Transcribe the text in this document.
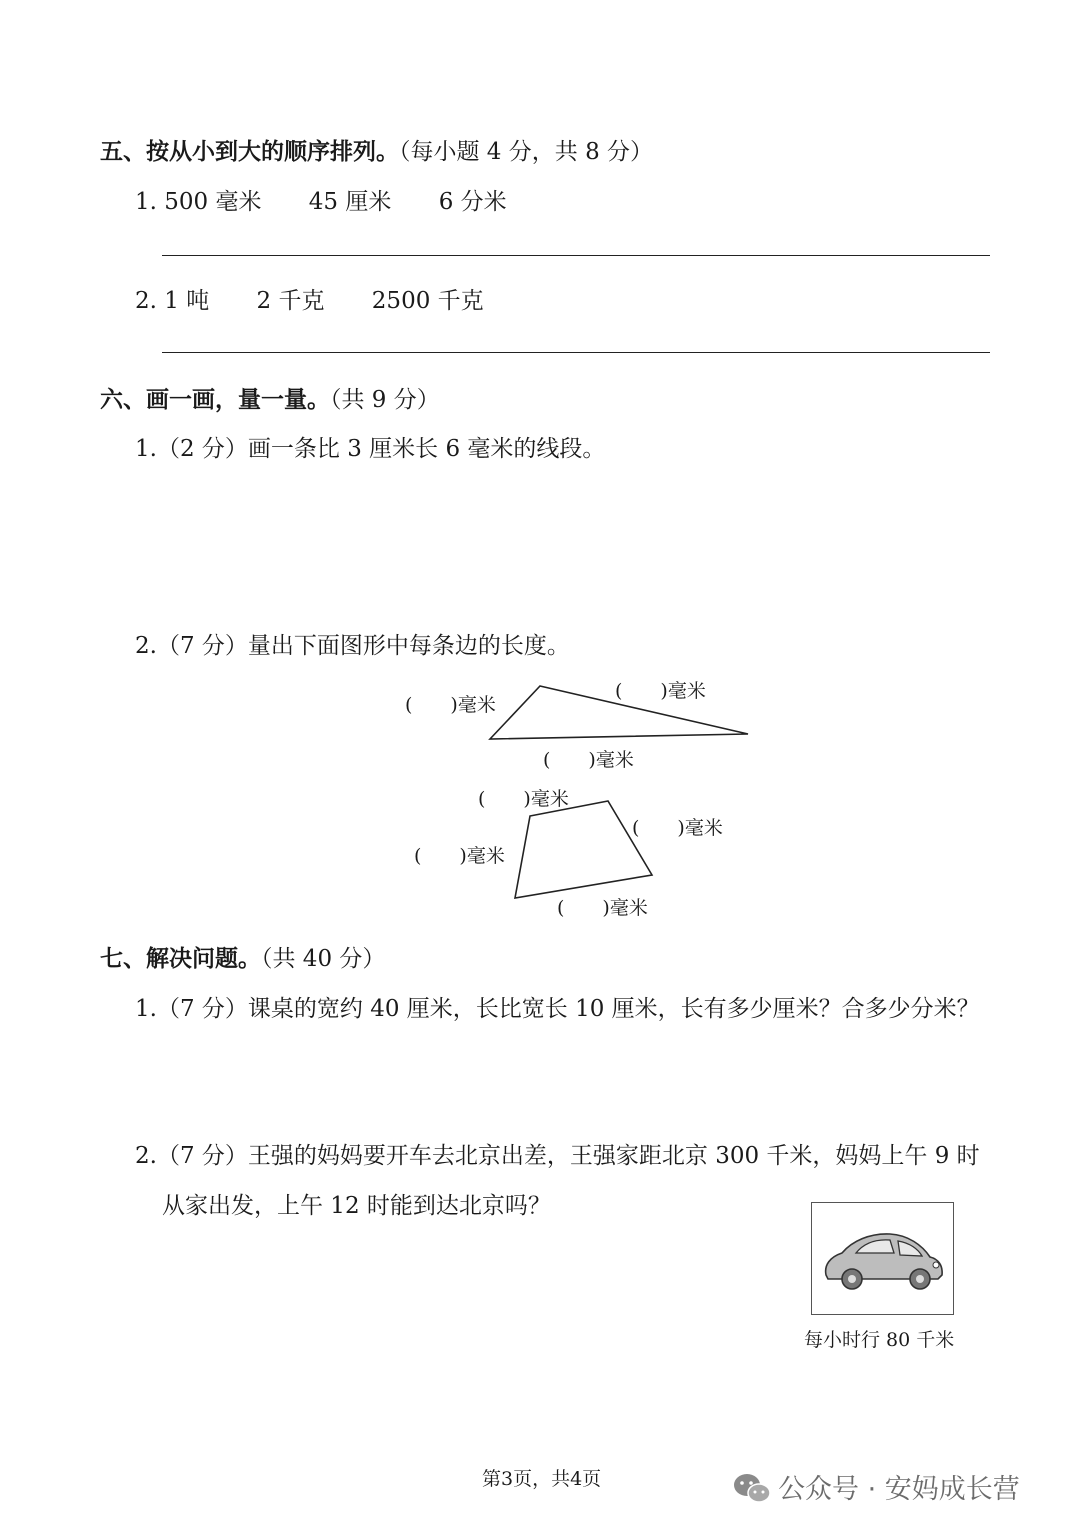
五、按从小到大的顺序排列。（每小题 4 分，共 8 分）
1. 500 毫米 45 厘米 6 分米
2. 1 吨 2 千克 2500 千克
六、画一画，量一量。（共 9 分）
1.（2 分）画一条比 3 厘米长 6 毫米的线段。
2.（7 分）量出下面图形中每条边的长度。
(　　)毫米
(　　)毫米
(　　)毫米
(　　)毫米
(　　)毫米
(　　)毫米
(　　)毫米
七、解决问题。（共 40 分）
1.（7 分）课桌的宽约 40 厘米，长比宽长 10 厘米，长有多少厘米？合多少分米？
2.（7 分）王强的妈妈要开车去北京出差，王强家距北京 300 千米，妈妈上午 9 时
从家出发，上午 12 时能到达北京吗？
每小时行 80 千米
第3页，共4页	公众号 · 安妈成长营
